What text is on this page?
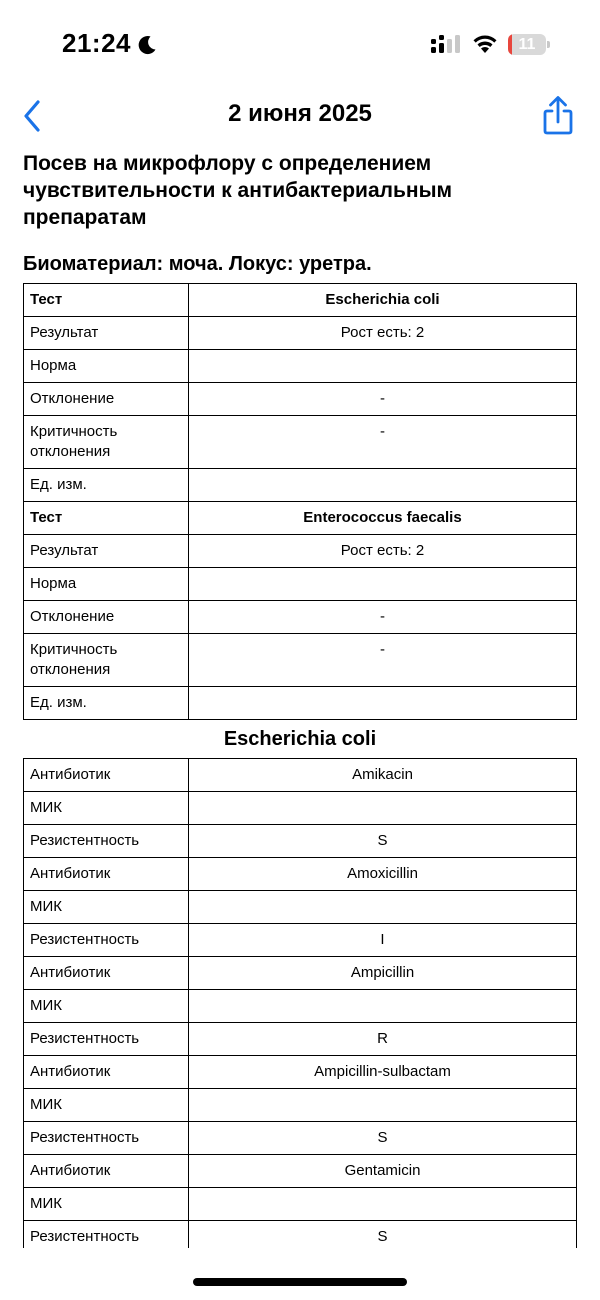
21:24	11
2 июня 2025
Посев на микрофлору с определением чувствительности к антибактериальным препаратам
Биоматериал: моча. Локус: уретра.
Тест	Escherichia coli
Результат	Рост есть: 2
Норма	
Отклонение	-
Критичность отклонения	-
Ед. изм.	
Тест	Enterococcus faecalis
Результат	Рост есть: 2
Норма	
Отклонение	-
Критичность отклонения	-
Ед. изм.	
Escherichia coli
Антибиотик	Amikacin
МИК	
Резистентность	S
Антибиотик	Amoxicillin
МИК	
Резистентность	I
Антибиотик	Ampicillin
МИК	
Резистентность	R
Антибиотик	Ampicillin-sulbactam
МИК	
Резистентность	S
Антибиотик	Gentamicin
МИК	
Резистентность	S
